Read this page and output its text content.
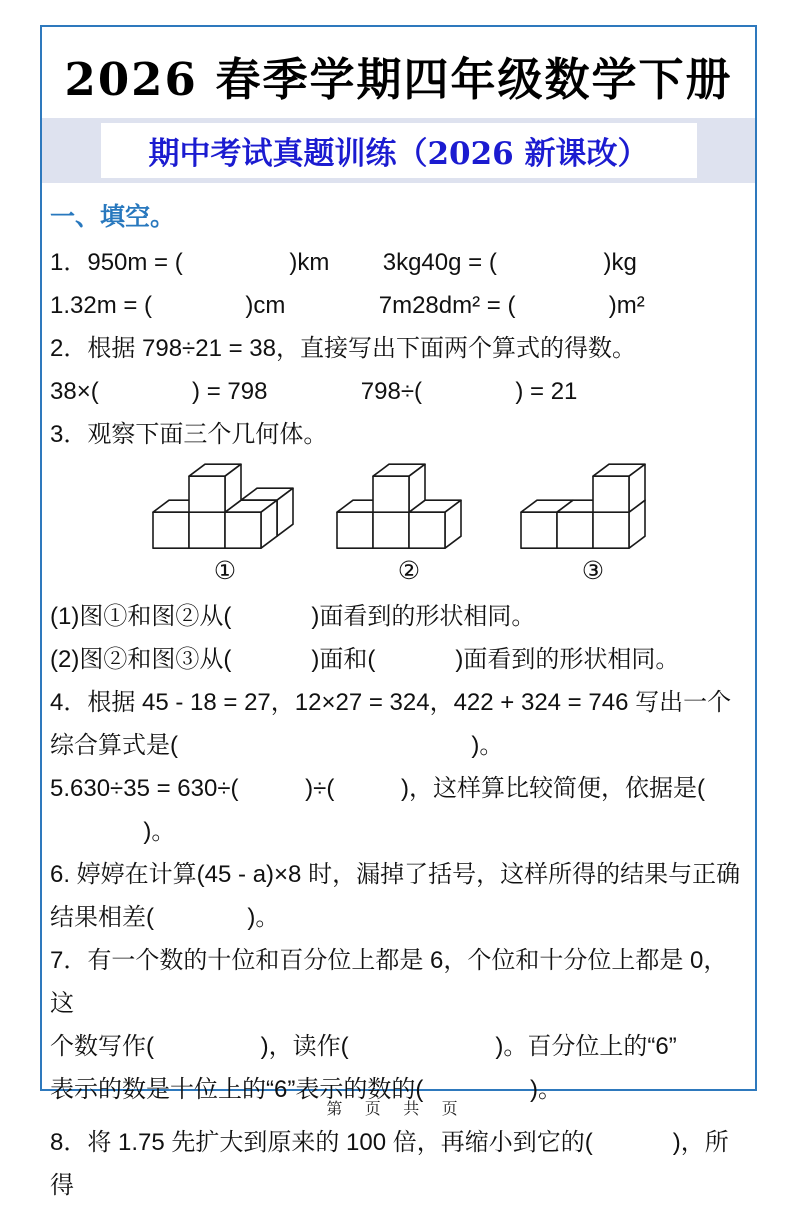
2026 春季学期四年级数学下册
期中考试真题训练（2026 新课改）
一、填空。
1．950m = (                )km        3kg40g = (                )kg
1.32m = (              )cm              7m28dm² = (              )m²
2．根据 798÷21 = 38，直接写出下面两个算式的得数。
38×(              ) = 798              798÷(              ) = 21
3．观察下面三个几何体。
①	②	③
(1)图①和图②从(            )面看到的形状相同。
(2)图②和图③从(            )面和(            )面看到的形状相同。
4．根据 45 - 18 = 27，12×27 = 324，422 + 324 = 746 写出一个
综合算式是(                                            )。
5.630÷35 = 630÷(          )÷(          )，这样算比较简便，依据是(
)。
6. 婷婷在计算(45 - a)×8 时，漏掉了括号，这样所得的结果与正确
结果相差(              )。
7．有一个数的十位和百分位上都是 6，个位和十分位上都是 0，这
个数写作(                )，读作(                      )。百分位上的“6”
表示的数是十位上的“6”表示的数的(                )。
8．将 1.75 先扩大到原来的 100 倍，再缩小到它的(            )，所得
第 页 共 页
